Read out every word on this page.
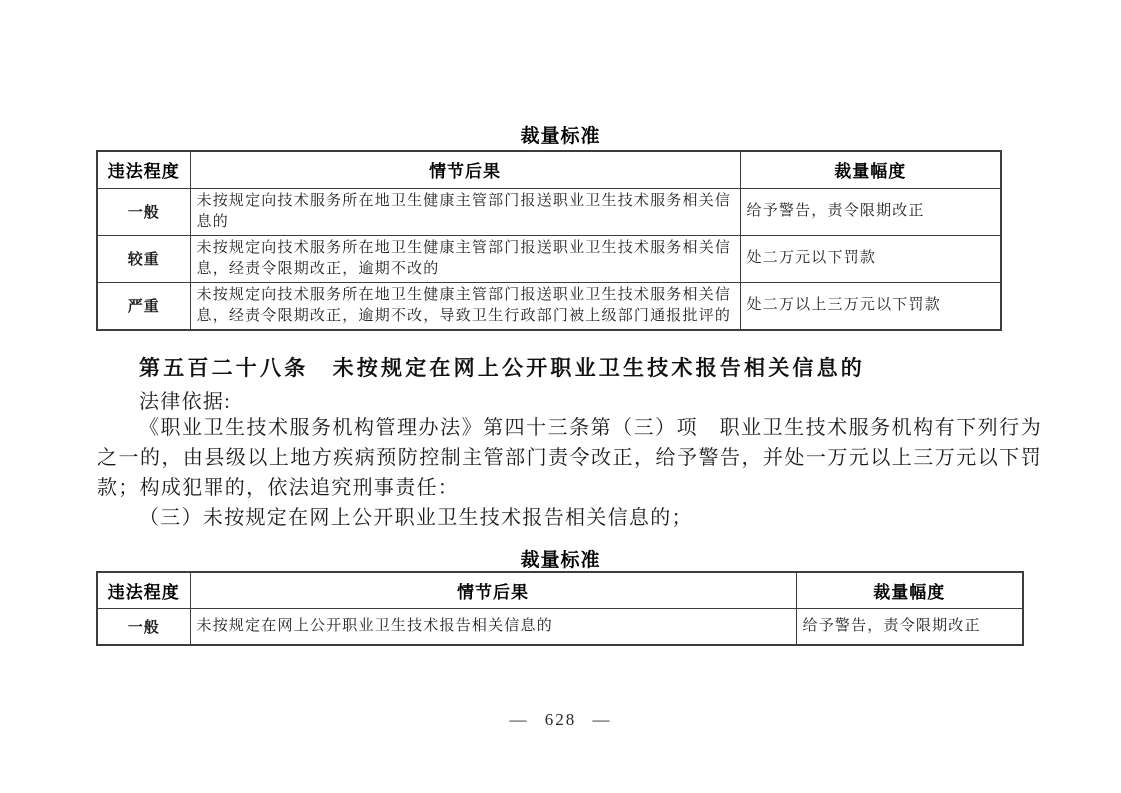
裁量标准
违法程度	情节后果	裁量幅度
一般	未按规定向技术服务所在地卫生健康主管部门报送职业卫生技术服务相关信息的	给予警告，责令限期改正
较重	未按规定向技术服务所在地卫生健康主管部门报送职业卫生技术服务相关信息，经责令限期改正，逾期不改的	处二万元以下罚款
严重	未按规定向技术服务所在地卫生健康主管部门报送职业卫生技术服务相关信息，经责令限期改正，逾期不改，导致卫生行政部门被上级部门通报批评的	处二万以上三万元以下罚款
第五百二十八条　未按规定在网上公开职业卫生技术报告相关信息的
法律依据:
《职业卫生技术服务机构管理办法》第四十三条第（三）项　职业卫生技术服务机构有下列行为之一的，由县级以上地方疾病预防控制主管部门责令改正，给予警告，并处一万元以上三万元以下罚款；构成犯罪的，依法追究刑事责任：
（三）未按规定在网上公开职业卫生技术报告相关信息的；
裁量标准
违法程度	情节后果	裁量幅度
一般	未按规定在网上公开职业卫生技术报告相关信息的	给予警告，责令限期改正
— 628 —
